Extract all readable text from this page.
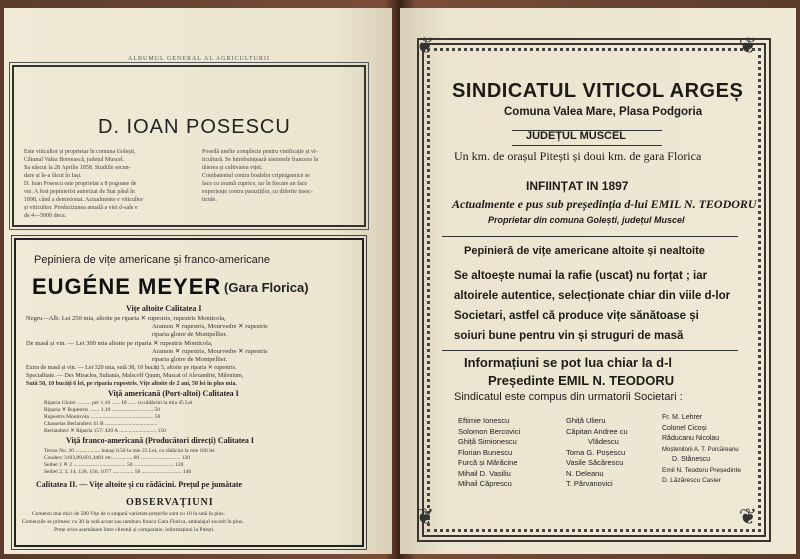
ALBUMUL GENERAL AL AGRICULTURII
D. IOAN POSESCU
Este viticultor și proprietar în comuna Golești,
Cătunul Valea Boerească, județul Muscel.
Sa născut la 28 Aprilie 1858. Studiile secun-
dare și le-a făcut în Iași.
D. Ioan Posescu este proprietar a 8 pogoane de
vie. A fost pepinierist autorizat de Stat până în
1898, când a demisionat. Actualmente e viticultor
și viticultor. Producțiunea anuală a viei d-sale e
de 4—5000 deca.
Posedă unelte complecte pentru vinificație și vi-
ticultură. Se întrebuințează sistemele franceze în
tăierea și cultivarea viței.
Combatentul contra boalelor criptogamice se
face cu zeamă cuprice, iar în fiecare an face
experiențe contra paraziților, cu diferite insec-
ticide.
Pepiniera de vițe americane și franco-americane
EUGÉNE MEYER (Gara Florica)
Vițe altoite Calitatea I
Negru—Alb. Lei 250 mia, altoite pe riparia ✕ rupestris, rupestris Monticola,
Aramon ✕ rupestris, Mourvedre ✕ rupestris
riparia gloire de Montpellier.
De masă și vin. — Lei 300 mia altoite pe riparia ✕ rupestris Monticola,
Aramon ✕ rupestris, Mourvedre ✕ rupestris
riparia gloire de Montpellier.
Extra de masă și vin. — Lei 320 mia, sută 38, 10 bucăți 5, altoite pe riparia ✕ rupestris.
Specialitate. — Des Miracles, Sultania, Malscoff Quum, Muscat of Alexandrie, Milenium,
Sută 50, 10 bucăți 6 lei, pe riparia rupestris. Vițe altoite de 2 ani, 50 lei în plus mia.
Viță americană (Port-altoi) Calitatea I
Riparia Gloire .......... per 1.10 ...... 18 ...... cu rădăcini la mia 45 Lei
Riparia ✕ Rupestris ....... 1.10 .............................. 50
Rupestris Monticola .............................................. 50
Chasselas Berlandieri 41 B ......................................
Berlandieri ✕ Riparia 157/ 420 A ........................... 150
Viță franco-americană (Producători direcți) Calitatea I
Terras No. 20 .................. butași 0.50 la mie 25 Lei, cu rădăcini la mie 100 lei
Couderc 3103,89,601,4401 etc. ............. 60 ............................. 120
Seibel 1 ✕ 2 ...................................... 50 ............................. 120
Seibel 2, 3, 14, 128, 156, 1077 ............... 50 ............................. 140
Calitatea II. — Vițe altoite și cu rădăcini. Prețul pe jumătate
OBSERVAȚIUNI
Comenzi mai mici de 500 Vițe de o singură varietate prețurile sunt cu 10 la sută în plus.
Comenzile se primesc cu 30 la sută acont sau ramburs franco Gara Florica, ambalajul socotit în plus.
Prețe orice asemănare între clientul și comparatie, informațiuni la Pitești.
❦	❦
❦	❦
SINDICATUL VITICOL ARGEȘ
Comuna Valea Mare, Plasa Podgoria
JUDEȚUL MUSCEL
Un km. de orașul Pitești și doui km. de gara Florica
INFIINȚAT IN 1897
Actualmente e pus sub președinția d-lui EMIL N. TEODORU
Proprietar din comuna Golești, județul Muscel
Pepinieră de vițe americane altoite și nealtoite
Se altoește numai la rafie (uscat) nu forțat ; iar
altoirele autentice, selecționate chiar din viile d-lor
Societari, astfel că produce vițe sănătoase și
soiuri bune pentru vin și struguri de masă
Informațiuni se pot lua chiar la d-l
Președinte EMIL N. TEODORU
Sindicatul este compus din urmatorii Societari :
Eftimie Ionescu
Solomon Bercovici
Ghiță Simionescu
Florian Bunescu
Furcă și Mărăcine
Mihail D. Vasiliu
Mihail Căprescu
Ghiță Ulieru
Căpitan Andree cu
Vlădescu
Toma G. Poșescu
Vasile Săcărescu
N. Deleanu
T. Pârvanovici
Fr. M. Lehrer
Colonel Cicoși
Răducanu Nicolau
Moștenitorii A. T. Purcăreanu
D. Stănescu
Emil N. Teodoru Președinte
D. Lăzărescu Casier
